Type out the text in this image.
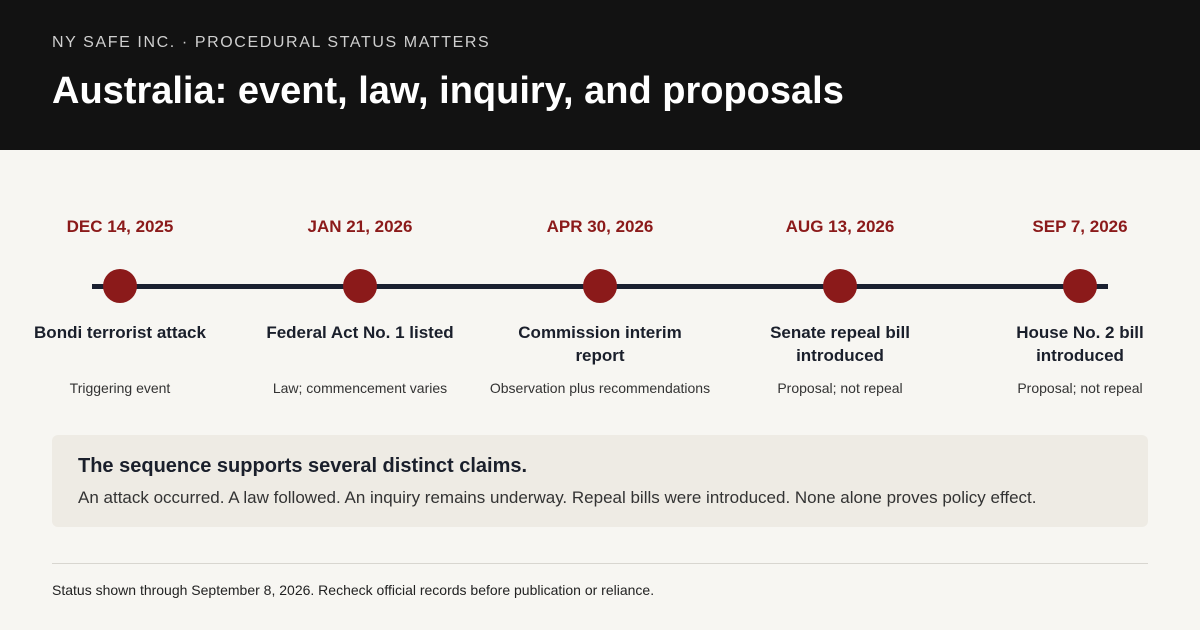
NY SAFE INC. · PROCEDURAL STATUS MATTERS
Australia: event, law, inquiry, and proposals
DEC 14, 2025
Bondi terrorist attack
Triggering event
JAN 21, 2026
Federal Act No. 1 listed
Law; commencement varies
APR 30, 2026
Commission interim report
Observation plus recommendations
AUG 13, 2026
Senate repeal bill introduced
Proposal; not repeal
SEP 7, 2026
House No. 2 bill introduced
Proposal; not repeal
The sequence supports several distinct claims.
An attack occurred. A law followed. An inquiry remains underway. Repeal bills were introduced. None alone proves policy effect.
Status shown through September 8, 2026. Recheck official records before publication or reliance.
